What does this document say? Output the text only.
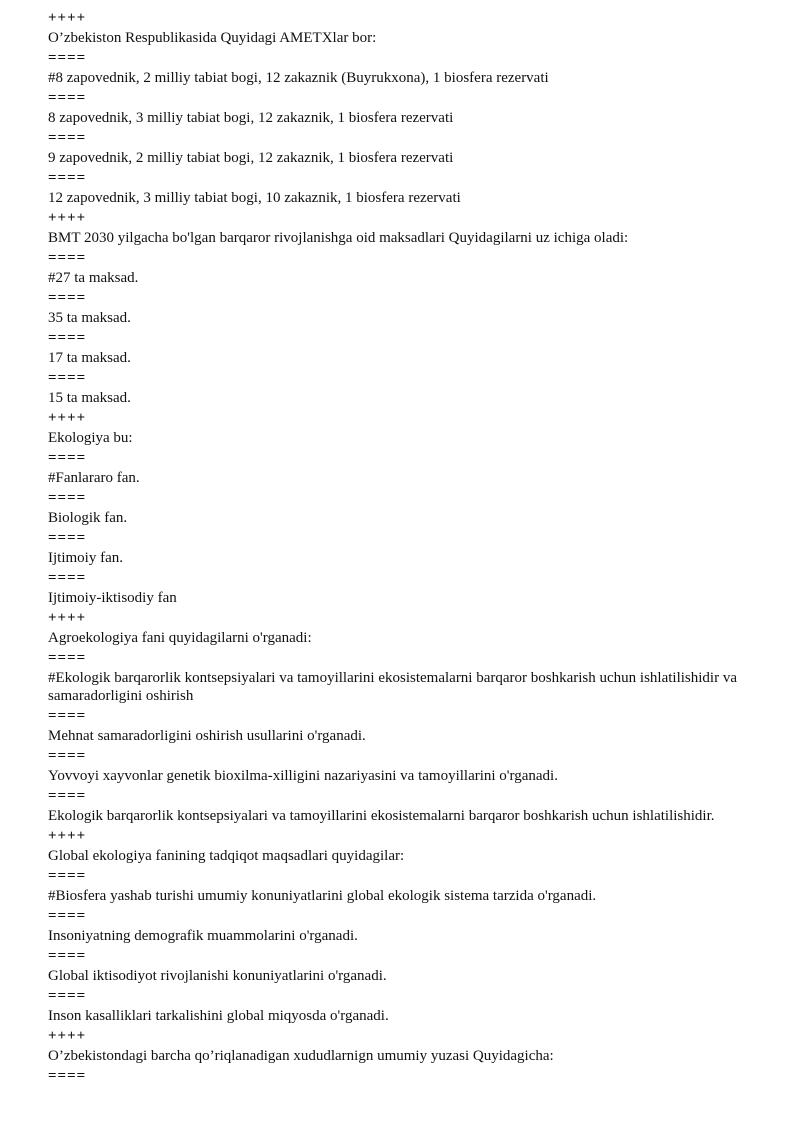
++++
O’zbekiston Respublikasida Quyidagi AMETXlar bor:
====
#8 zapovednik, 2 milliy tabiat bogi, 12 zakaznik (Buyrukxona), 1 biosfera rezervati
====
8 zapovednik, 3 milliy tabiat bogi, 12 zakaznik, 1 biosfera rezervati
====
9 zapovednik, 2 milliy tabiat bogi, 12 zakaznik, 1 biosfera rezervati
====
12 zapovednik, 3 milliy tabiat bogi, 10 zakaznik, 1 biosfera rezervati
++++
BMT 2030 yilgacha bo'lgan barqaror rivojlanishga oid maksadlari Quyidagilarni uz ichiga oladi:
====
#27 ta maksad.
====
35 ta maksad.
====
17 ta maksad.
====
15 ta maksad.
++++
Ekologiya bu:
====
#Fanlararo fan.
====
Biologik fan.
====
Ijtimoiy fan.
====
Ijtimoiy-iktisodiy fan
++++
Agroekologiya fani quyidagilarni o'rganadi:
====
#Ekologik barqarorlik kontsepsiyalari va tamoyillarini ekosistemalarni barqaror boshkarish uchun ishlatilishidir va samaradorligini oshirish
====
Mehnat samaradorligini oshirish usullarini o'rganadi.
====
Yovvoyi xayvonlar genetik bioxilma-xilligini nazariyasini va tamoyillarini o'rganadi.
====
Ekologik barqarorlik kontsepsiyalari va tamoyillarini ekosistemalarni barqaror boshkarish uchun ishlatilishidir.
++++
Global ekologiya fanining tadqiqot maqsadlari quyidagilar:
====
#Biosfera yashab turishi umumiy konuniyatlarini global ekologik sistema tarzida o'rganadi.
====
Insoniyatning demografik muammolarini o'rganadi.
====
Global iktisodiyot rivojlanishi konuniyatlarini o'rganadi.
====
Inson kasalliklari tarkalishini global miqyosda o'rganadi.
++++
O’zbekistondagi barcha qo’riqlanadigan xududlarnign umumiy yuzasi Quyidagicha:
====
